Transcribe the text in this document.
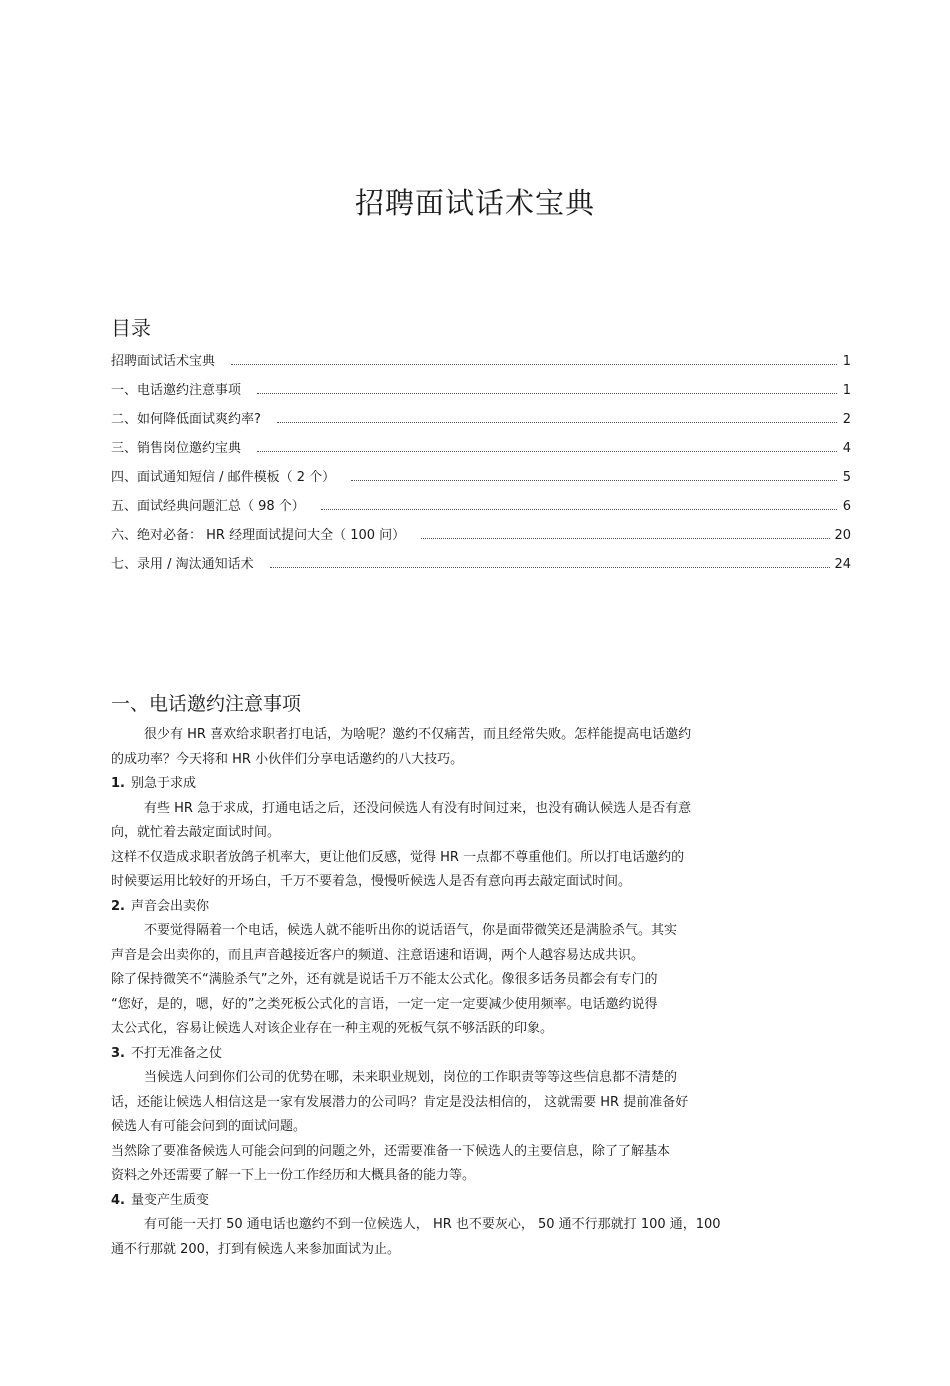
招聘面试话术宝典
目录
招聘面试话术宝典	1
一、电话邀约注意事项	1
二、如何降低面试爽约率?	2
三、销售岗位邀约宝典	4
四、面试通知短信 / 邮件模板（ 2 个）	5
五、面试经典问题汇总（ 98 个）	6
六、绝对必备： HR 经理面试提问大全（ 100 问）	20
七、录用 / 淘汰通知话术	24
一、电话邀约注意事项
很少有 HR 喜欢给求职者打电话，为啥呢？邀约不仅痛苦，而且经常失败。怎样能提高电话邀约
的成功率？今天将和 HR 小伙伴们分享电话邀约的八大技巧。
1. 别急于求成
有些 HR 急于求成，打通电话之后，还没问候选人有没有时间过来，也没有确认候选人是否有意
向，就忙着去敲定面试时间。
这样不仅造成求职者放鸽子机率大，更让他们反感，觉得 HR 一点都不尊重他们。所以打电话邀约的
时候要运用比较好的开场白，千万不要着急，慢慢听候选人是否有意向再去敲定面试时间。
2. 声音会出卖你
不要觉得隔着一个电话，候选人就不能听出你的说话语气，你是面带微笑还是满脸杀气。其实
声音是会出卖你的，而且声音越接近客户的频道、注意语速和语调，两个人越容易达成共识。
除了保持微笑不“满脸杀气”之外，还有就是说话千万不能太公式化。像很多话务员都会有专门的
“您好，是的，嗯，好的”之类死板公式化的言语，一定一定一定要减少使用频率。电话邀约说得
太公式化，容易让候选人对该企业存在一种主观的死板气氛不够活跃的印象。
3. 不打无准备之仗
当候选人问到你们公司的优势在哪，未来职业规划，岗位的工作职责等等这些信息都不清楚的
话，还能让候选人相信这是一家有发展潜力的公司吗？肯定是没法相信的， 这就需要 HR 提前准备好
候选人有可能会问到的面试问题。
当然除了要准备候选人可能会问到的问题之外，还需要准备一下候选人的主要信息，除了了解基本
资料之外还需要了解一下上一份工作经历和大概具备的能力等。
4. 量变产生质变
有可能一天打 50 通电话也邀约不到一位候选人， HR 也不要灰心， 50 通不行那就打 100 通，100
通不行那就 200，打到有候选人来参加面试为止。
